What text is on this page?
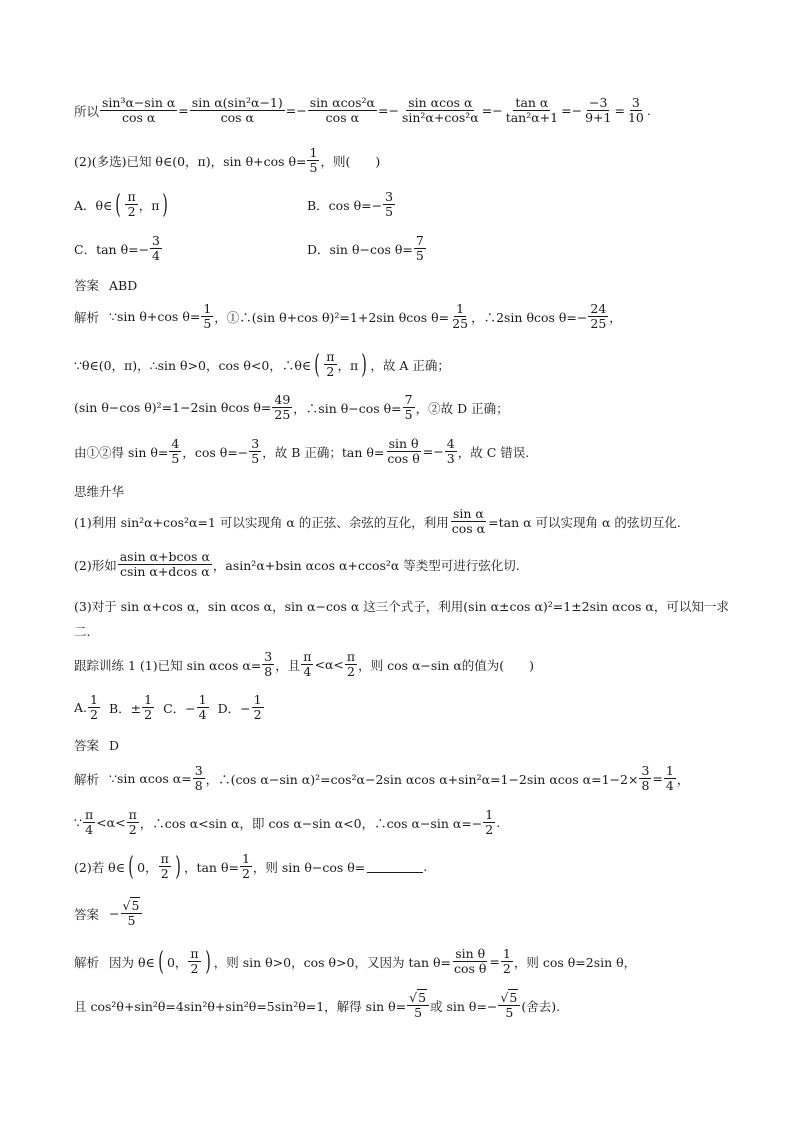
所以 $\frac{\text{sin³α−sin α}}{\text{cos α}} = \frac{\text{sin α(sin²α−1)}}{\text{cos α}} =- \frac{\text{sin αcos²α}}{\text{cos α}} =- \frac{\text{sin αcos α}}{\text{sin²α+cos²α}} =- \frac{\text{tan α}}{\text{tan²α+1}} =- \frac{-3}{9+1} = \frac{3}{10}$ .
(2)(多选)已知 θ∈(0，π)，sin θ+cos $\theta= \frac{1}{5}$ ，则(　　)
A．θ∈ ( $\frac{\pi}{2}$ ，π )	B．$\cos \theta=- \frac{3}{5}$
C．$\tan \theta=- \frac{3}{4}$	D．sin θ−cos $\theta= \frac{7}{5}$
答案 ABD
解析 ∵sin θ+cos $\theta= \frac{1}{5}$ ，①∴(sin θ+cos θ)²=1+2sin θcos $\theta= \frac{1}{25}$ ，∴2sin θcos $\theta=- \frac{24}{25}$ ，
∵θ∈(0，π)，∴sin θ>0，cos θ<0，∴θ∈ ( $\frac{\pi}{2}$ ，π ) ，故 A 正确；
(sin θ−cos θ)²=1−2sin θcos $\theta= \frac{49}{25}$ ，∴sin θ−cos $\theta= \frac{7}{5}$ ，②故 D 正确；
由①②得 $\sin \theta= \frac{4}{5}$ ，$\cos \theta=- \frac{3}{5}$ ，故 B 正确；$\tan \theta= \frac{\text{sin θ}}{\text{cos θ}} =- \frac{4}{3}$ ，故 C 错误.
思维升华
(1)利用 sin²α+cos²α=1 可以实现角 α 的正弦、余弦的互化，利用 $\frac{\text{sin α}}{\text{cos α}} =\tan$ α 可以实现角 α 的弦切互化.
(2)形如 $\frac{\text{asin α+bcos α}}{\text{csin α+dcos α}}$ ，asin²α+bsin αcos α+ccos²α 等类型可进行弦化切.
(3)对于 sin α+cos α，sin αcos α，sin α−cos α 这三个式子，利用(sin α±cos α)²=1±2sin αcos α，可以知一求
二.
跟踪训练 1 (1)已知 sin αcos $\alpha= \frac{3}{8}$ ，且 $\frac{\pi}{4} <\alpha< \frac{\pi}{2}$ ，则 cos α−sin α的值为(　　)
A. $\frac{1}{2}$ B．± $\frac{1}{2}$ C．− $\frac{1}{4}$ D．− $\frac{1}{2}$
答案 D
解析 ∵sin αcos $\alpha= \frac{3}{8}$ ，∴(cos α−sin α)²=cos²α−2sin αcos α+sin²α=1−2sin αcos $\alpha=1-2\times \frac{3}{8} = \frac{1}{4}$ ，
∵ $\frac{\pi}{4} <\alpha< \frac{\pi}{2}$ ，∴cos α<sin α，即 cos α−sin α<0，∴cos α−sin $\alpha=- \frac{1}{2}$ .
(2)若 θ∈ ( 0， $\frac{\pi}{2}$ ) ，$\tan \theta= \frac{1}{2}$ ，则 sin θ−cos θ=	.
答案 − $\frac{√5}{5}$
解析 因为 θ∈ ( 0， $\frac{\pi}{2}$ ) ，则 sin θ>0，cos θ>0，又因为 $\tan \theta= \frac{\text{sin θ}}{\text{cos θ}} = \frac{1}{2}$ ，则 cos θ=2sin θ，
且 cos²θ+sin²θ=4sin²θ+sin²θ=5sin²θ=1，解得 $\sin \theta= \frac{√5}{5}$ 或 $\sin \theta=- \frac{√5}{5}$ (舍去).
